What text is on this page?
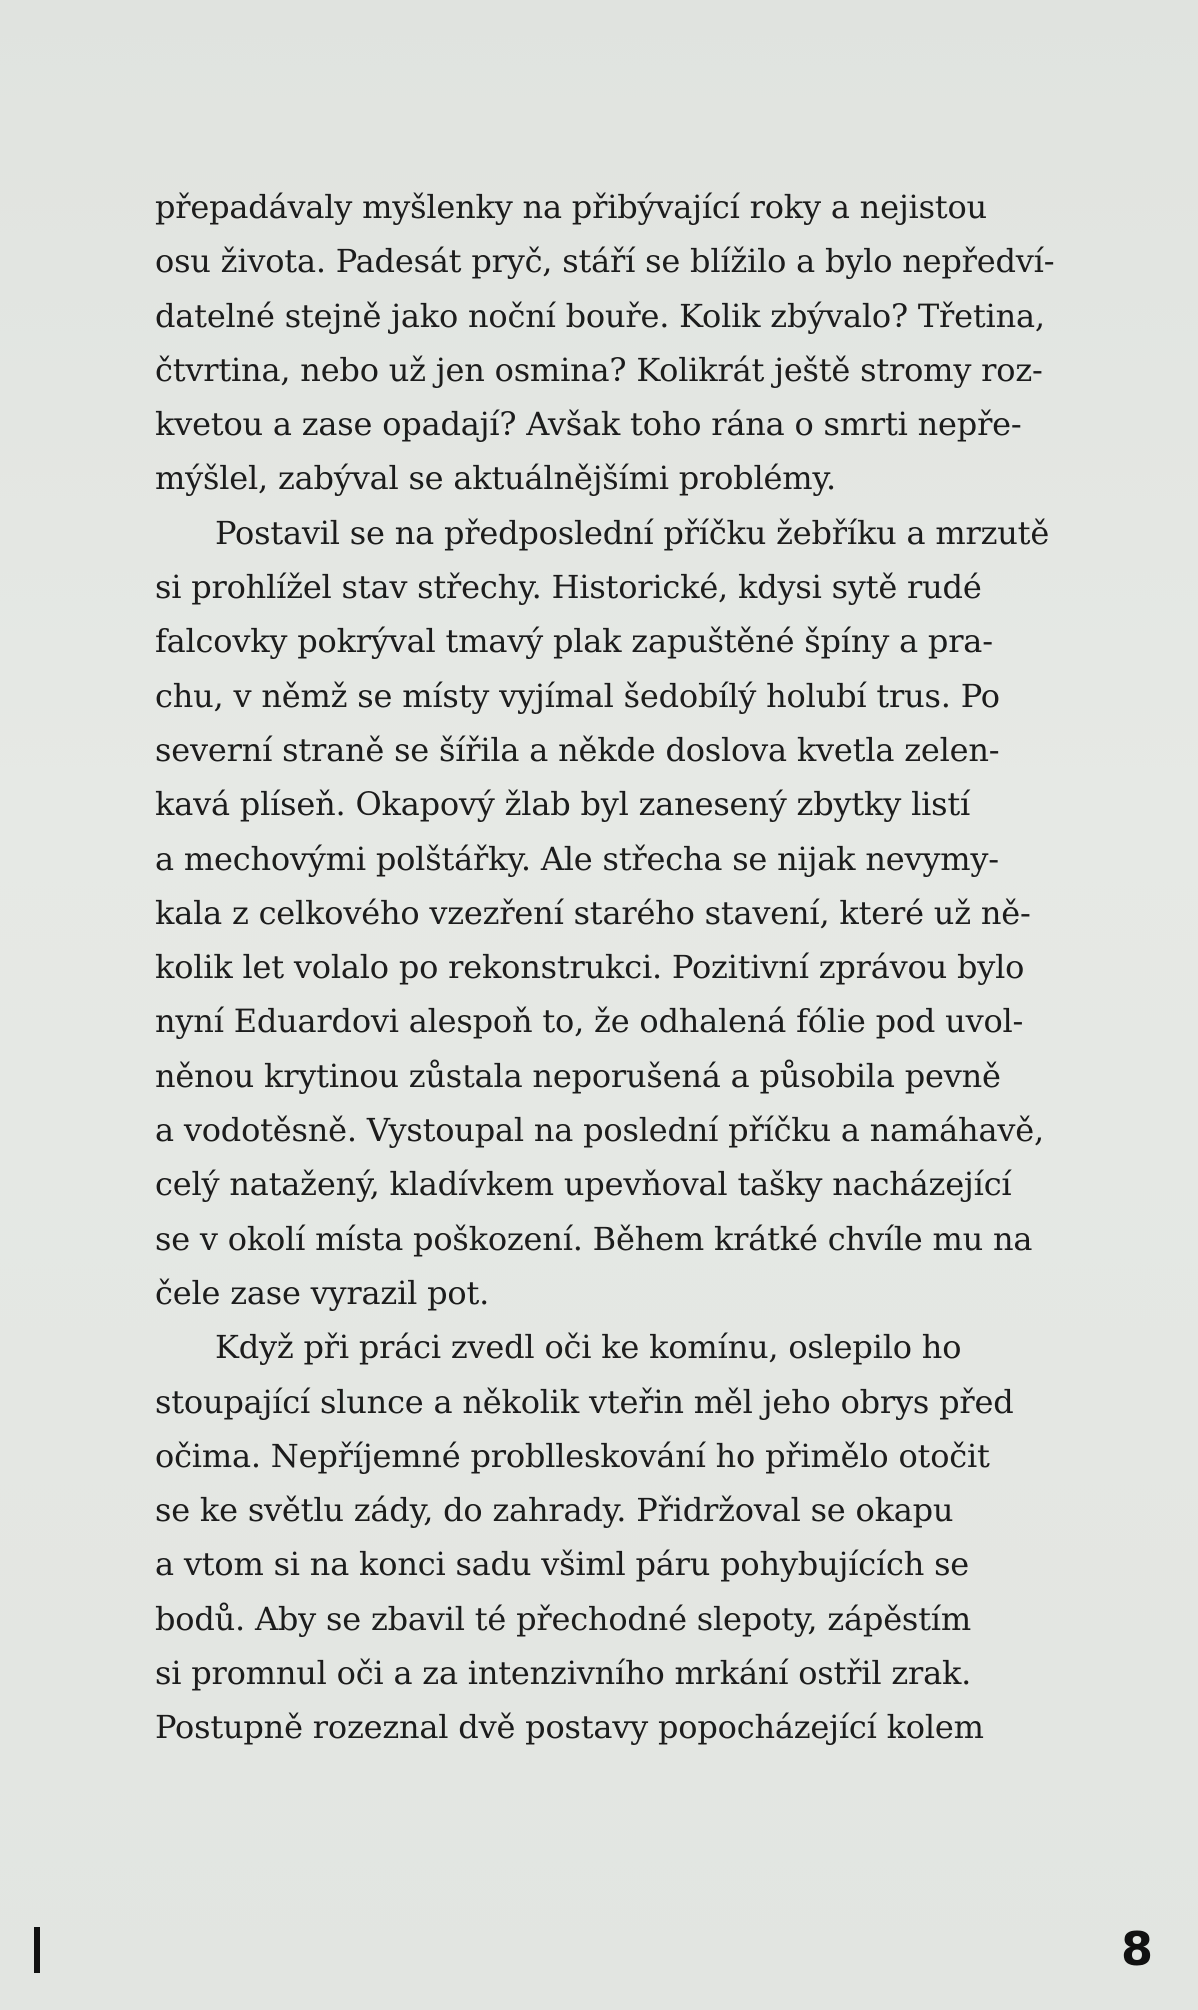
přepadávaly myšlenky na přibývající roky a nejistou
osu života. Padesát pryč, stáří se blížilo a bylo nepředví-
datelné stejně jako noční bouře. Kolik zbývalo? Třetina,
čtvrtina, nebo už jen osmina? Kolikrát ještě stromy roz-
kvetou a zase opadají? Avšak toho rána o smrti nepře-
mýšlel, zabýval se aktuálnějšími problémy.
Postavil se na předposlední příčku žebříku a mrzutě
si prohlížel stav střechy. Historické, kdysi sytě rudé
falcovky pokrýval tmavý plak zapuštěné špíny a pra-
chu, v němž se místy vyjímal šedobílý holubí trus. Po
severní straně se šířila a někde doslova kvetla zelen-
kavá plíseň. Okapový žlab byl zanesený zbytky listí
a mechovými polštářky. Ale střecha se nijak nevymy-
kala z celkového vzezření starého stavení, které už ně-
kolik let volalo po rekonstrukci. Pozitivní zprávou bylo
nyní Eduardovi alespoň to, že odhalená fólie pod uvol-
něnou krytinou zůstala neporušená a působila pevně
a vodotěsně. Vystoupal na poslední příčku a namáhavě,
celý natažený, kladívkem upevňoval tašky nacházející
se v okolí místa poškození. Během krátké chvíle mu na
čele zase vyrazil pot.
Když při práci zvedl oči ke komínu, oslepilo ho
stoupající slunce a několik vteřin měl jeho obrys před
očima. Nepříjemné problleskování ho přimělo otočit
se ke světlu zády, do zahrady. Přidržoval se okapu
a vtom si na konci sadu všiml páru pohybujících se
bodů. Aby se zbavil té přechodné slepoty, zápěstím
si promnul oči a za intenzivního mrkání ostřil zrak.
Postupně rozeznal dvě postavy popocházející kolem
8
